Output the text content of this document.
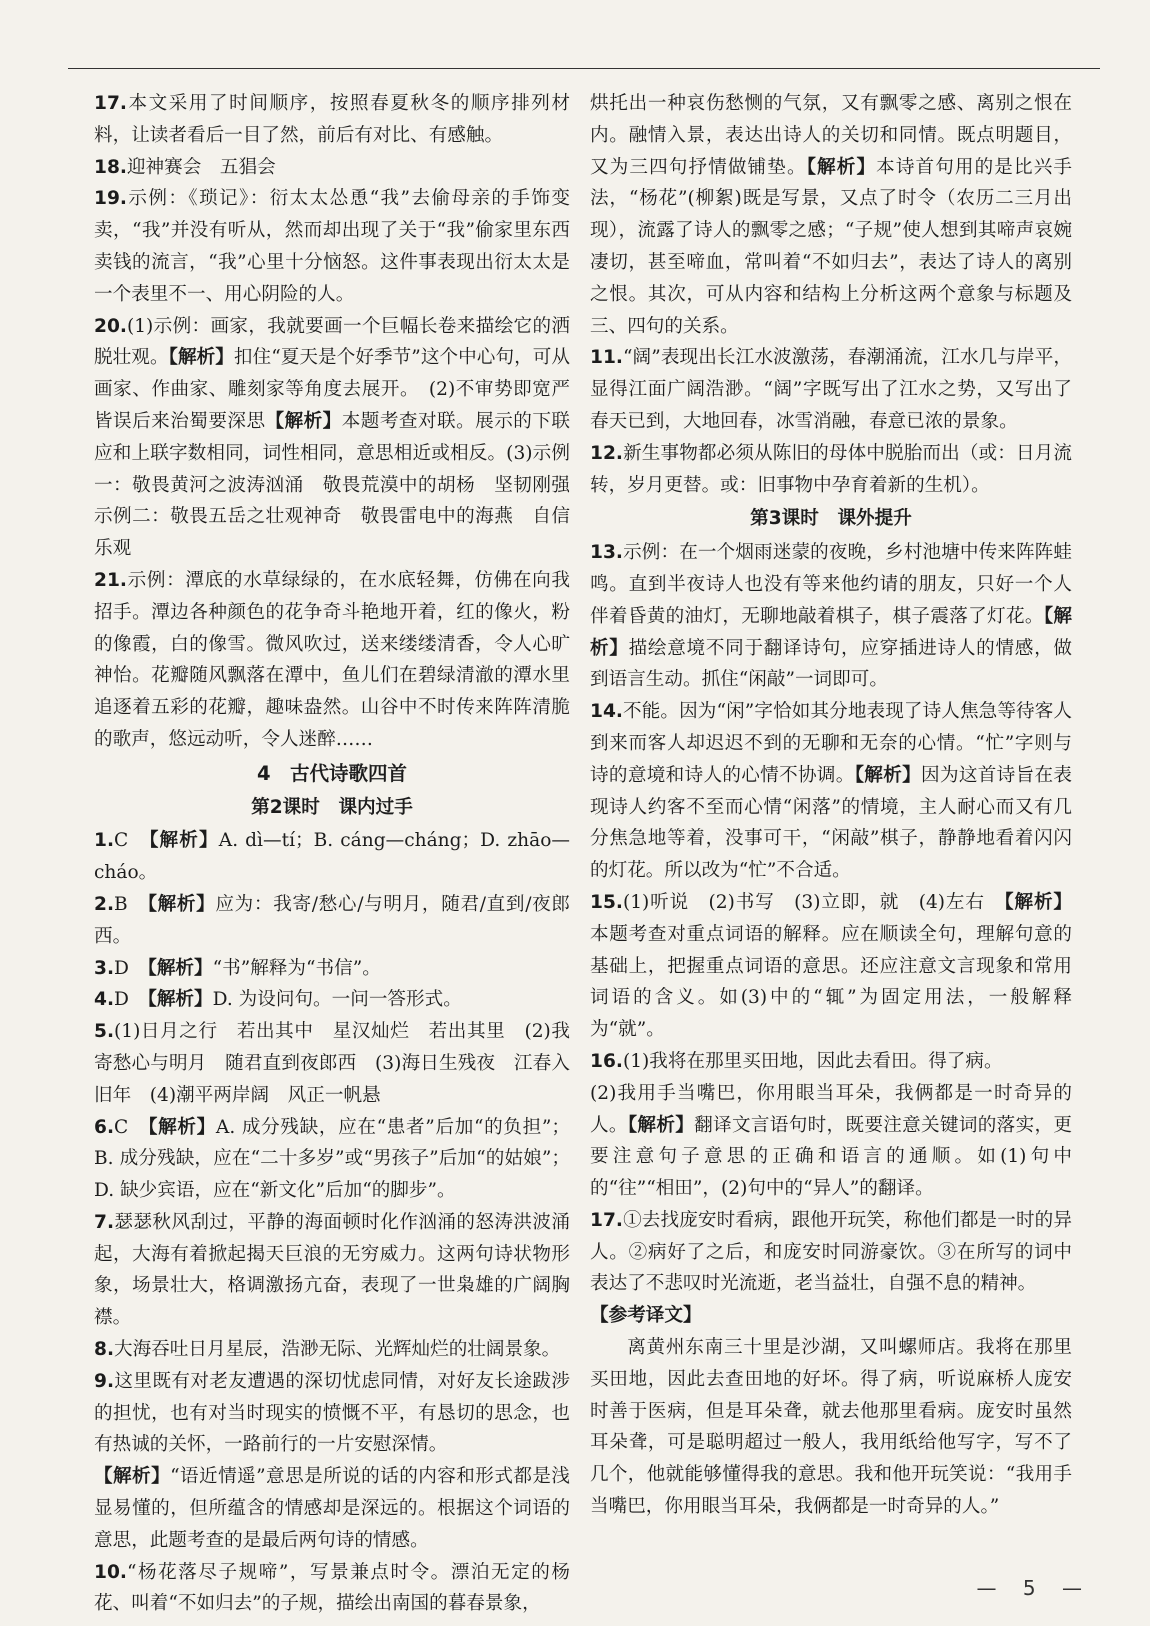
17.本文采用了时间顺序，按照春夏秋冬的顺序排列材料，让读者看后一目了然，前后有对比、有感触。

18.迎神赛会　五猖会

19.示例：《琐记》：衍太太怂恿“我”去偷母亲的手饰变卖，“我”并没有听从，然而却出现了关于“我”偷家里东西卖钱的流言，“我”心里十分恼怒。这件事表现出衍太太是一个表里不一、用心阴险的人。

20.(1)示例：画家，我就要画一个巨幅长卷来描绘它的洒脱壮观。【解析】扣住“夏天是个好季节”这个中心句，可从画家、作曲家、雕刻家等角度去展开。　(2)不审势即宽严皆误后来治蜀要深思【解析】本题考查对联。展示的下联应和上联字数相同，词性相同，意思相近或相反。(3)示例一：敬畏黄河之波涛汹涌　敬畏荒漠中的胡杨　坚韧刚强　示例二：敬畏五岳之壮观神奇　敬畏雷电中的海燕　自信乐观

21.示例：潭底的水草绿绿的，在水底轻舞，仿佛在向我招手。潭边各种颜色的花争奇斗艳地开着，红的像火，粉的像霞，白的像雪。微风吹过，送来缕缕清香，令人心旷神怡。花瓣随风飘落在潭中，鱼儿们在碧绿清澈的潭水里追逐着五彩的花瓣，趣味盎然。山谷中不时传来阵阵清脆的歌声，悠远动听，令人迷醉……

4　古代诗歌四首

第2课时　课内过手

1.C　【解析】A. dì—tí；B. cáng—cháng；D. zhāo—cháo。

2.B　【解析】应为：我寄/愁心/与明月，随君/直到/夜郎西。

3.D　【解析】“书”解释为“书信”。

4.D　【解析】D. 为设问句。一问一答形式。

5.(1)日月之行　若出其中　星汉灿烂　若出其里　(2)我寄愁心与明月　随君直到夜郎西　(3)海日生残夜　江春入旧年　(4)潮平两岸阔　风正一帆悬

6.C　【解析】A. 成分残缺，应在“患者”后加“的负担”；B. 成分残缺，应在“二十多岁”或“男孩子”后加“的姑娘”；D. 缺少宾语，应在“新文化”后加“的脚步”。

7.瑟瑟秋风刮过，平静的海面顿时化作汹涌的怒涛洪波涌起，大海有着掀起揭天巨浪的无穷威力。这两句诗状物形象，场景壮大，格调激扬亢奋，表现了一世枭雄的广阔胸襟。

8.大海吞吐日月星辰，浩渺无际、光辉灿烂的壮阔景象。

9.这里既有对老友遭遇的深切忧虑同情，对好友长途跋涉的担忧，也有对当时现实的愤慨不平，有恳切的思念，也有热诚的关怀，一路前行的一片安慰深情。

【解析】“语近情遥”意思是所说的话的内容和形式都是浅显易懂的，但所蕴含的情感却是深远的。根据这个词语的意思，此题考查的是最后两句诗的情感。

10.“杨花落尽子规啼”，写景兼点时令。漂泊无定的杨花、叫着“不如归去”的子规，描绘出南国的暮春景象，

烘托出一种哀伤愁恻的气氛，又有飘零之感、离别之恨在内。融情入景，表达出诗人的关切和同情。既点明题目，又为三四句抒情做铺垫。【解析】本诗首句用的是比兴手法，“杨花”(柳絮)既是写景，又点了时令（农历二三月出现），流露了诗人的飘零之感；“子规”使人想到其啼声哀婉凄切，甚至啼血，常叫着“不如归去”，表达了诗人的离别之恨。其次，可从内容和结构上分析这两个意象与标题及三、四句的关系。

11.“阔”表现出长江水波激荡，春潮涌流，江水几与岸平，显得江面广阔浩渺。“阔”字既写出了江水之势，又写出了春天已到，大地回春，冰雪消融，春意已浓的景象。

12.新生事物都必须从陈旧的母体中脱胎而出（或：日月流转，岁月更替。或：旧事物中孕育着新的生机）。

第3课时　课外提升

13.示例：在一个烟雨迷蒙的夜晚，乡村池塘中传来阵阵蛙鸣。直到半夜诗人也没有等来他约请的朋友，只好一个人伴着昏黄的油灯，无聊地敲着棋子，棋子震落了灯花。【解析】描绘意境不同于翻译诗句，应穿插进诗人的情感，做到语言生动。抓住“闲敲”一词即可。

14.不能。因为“闲”字恰如其分地表现了诗人焦急等待客人到来而客人却迟迟不到的无聊和无奈的心情。“忙”字则与诗的意境和诗人的心情不协调。【解析】因为这首诗旨在表现诗人约客不至而心情“闲落”的情境，主人耐心而又有几分焦急地等着，没事可干，“闲敲”棋子，静静地看着闪闪的灯花。所以改为“忙”不合适。

15.(1)听说　(2)书写　(3)立即，就　(4)左右　【解析】本题考查对重点词语的解释。应在顺读全句，理解句意的基础上，把握重点词语的意思。还应注意文言现象和常用词语的含义。如(3)中的“辄”为固定用法，一般解释为“就”。

16.(1)我将在那里买田地，因此去看田。得了病。

(2)我用手当嘴巴，你用眼当耳朵，我俩都是一时奇异的人。【解析】翻译文言语句时，既要注意关键词的落实，更要注意句子意思的正确和语言的通顺。如(1)句中的“往”“相田”，(2)句中的“异人”的翻译。

17.①去找庞安时看病，跟他开玩笑，称他们都是一时的异人。②病好了之后，和庞安时同游豪饮。③在所写的词中表达了不悲叹时光流逝，老当益壮，自强不息的精神。

【参考译文】

离黄州东南三十里是沙湖，又叫螺师店。我将在那里买田地，因此去查田地的好坏。得了病，听说麻桥人庞安时善于医病，但是耳朵聋，就去他那里看病。庞安时虽然耳朵聋，可是聪明超过一般人，我用纸给他写字，写不了几个，他就能够懂得我的意思。我和他开玩笑说：“我用手当嘴巴，你用眼当耳朵，我俩都是一时奇异的人。”

— 5 —
